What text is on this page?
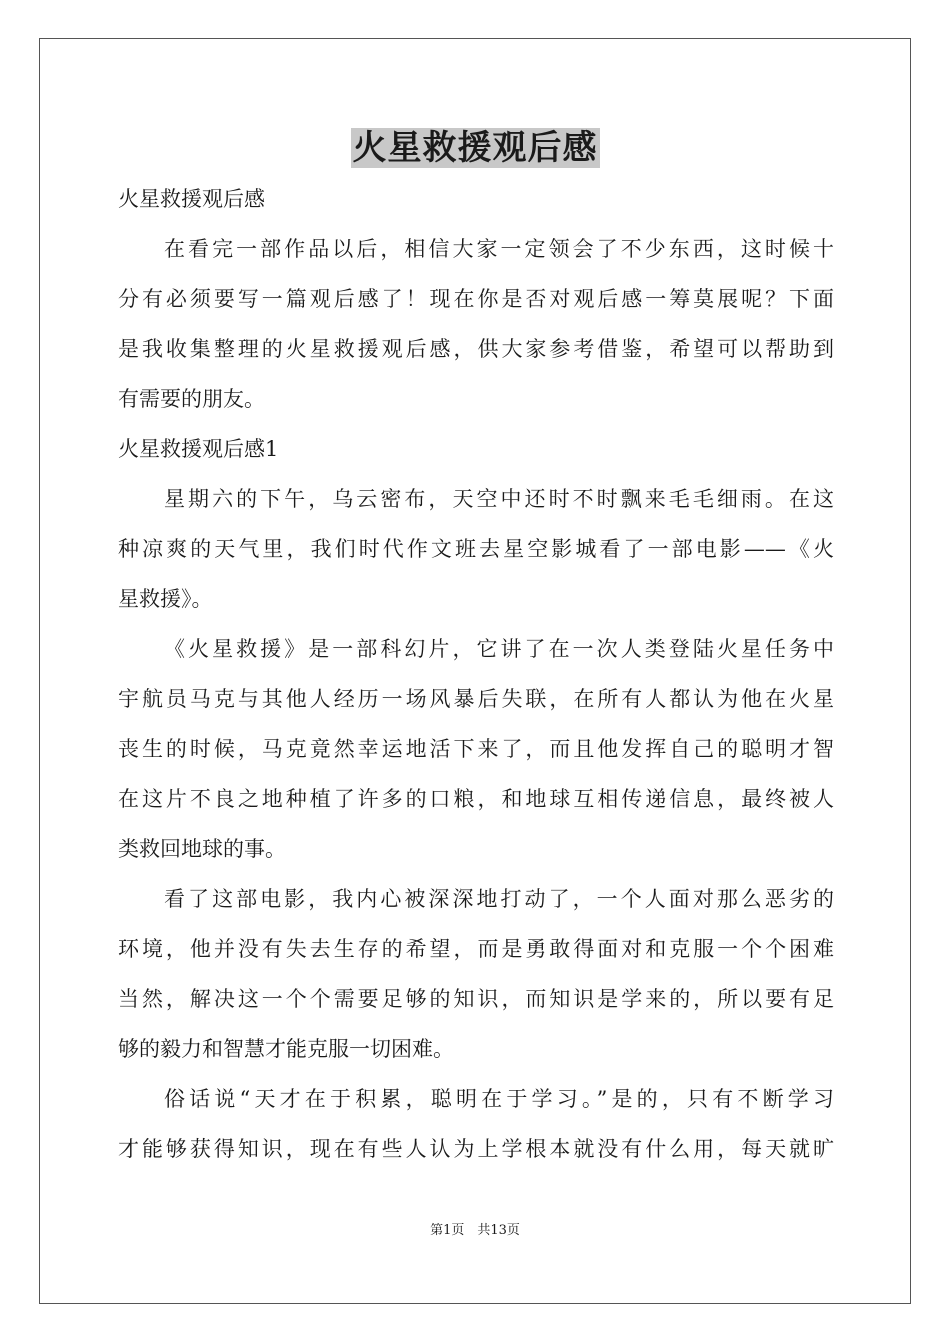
火星救援观后感
火星救援观后感
在看完一部作品以后，相信大家一定领会了不少东西，这时候十
分有必须要写一篇观后感了！现在你是否对观后感一筹莫展呢？下面
是我收集整理的火星救援观后感，供大家参考借鉴，希望可以帮助到
有需要的朋友。
火星救援观后感1
星期六的下午，乌云密布，天空中还时不时飘来毛毛细雨。在这
种凉爽的天气里，我们时代作文班去星空影城看了一部电影——《火
星救援》。
《火星救援》是一部科幻片，它讲了在一次人类登陆火星任务中
宇航员马克与其他人经历一场风暴后失联，在所有人都认为他在火星
丧生的时候，马克竟然幸运地活下来了，而且他发挥自己的聪明才智
在这片不良之地种植了许多的口粮，和地球互相传递信息，最终被人
类救回地球的事。
看了这部电影，我内心被深深地打动了，一个人面对那么恶劣的
环境，他并没有失去生存的希望，而是勇敢得面对和克服一个个困难
当然，解决这一个个需要足够的知识，而知识是学来的，所以要有足
够的毅力和智慧才能克服一切困难。
俗话说“天才在于积累，聪明在于学习。”是的，只有不断学习
才能够获得知识，现在有些人认为上学根本就没有什么用，每天就旷
第1页　共13页
